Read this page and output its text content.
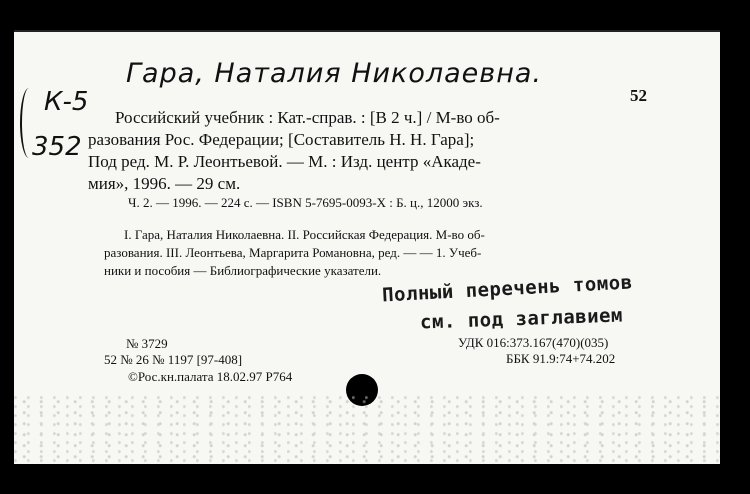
Гара, Наталия Николаевна.
52
К-5
352
Российский учебник : Кат.-справ. : [В 2 ч.] / М-во об-
разования Рос. Федерации; [Составитель Н. Н. Гара];
Под ред. М. Р. Леонтьевой. — М. : Изд. центр «Акаде-
мия», 1996. — 29 см.
Ч. 2. — 1996. — 224 с. — ISBN 5-7695-0093-X : Б. ц., 12000 экз.
I. Гара, Наталия Николаевна. II. Российская Федерация. М-во об-
разования. III. Леонтьева, Маргарита Романовна, ред. — — 1. Учеб-
ники и пособия — Библиографические указатели.
Полный перечень томов
см. под заглавием
№ 3729
52 № 26 № 1197 [97-408]
©Рос.кн.палата 18.02.97 P764
УДК 016:373.167(470)(035)
ББК 91.9:74+74.202
